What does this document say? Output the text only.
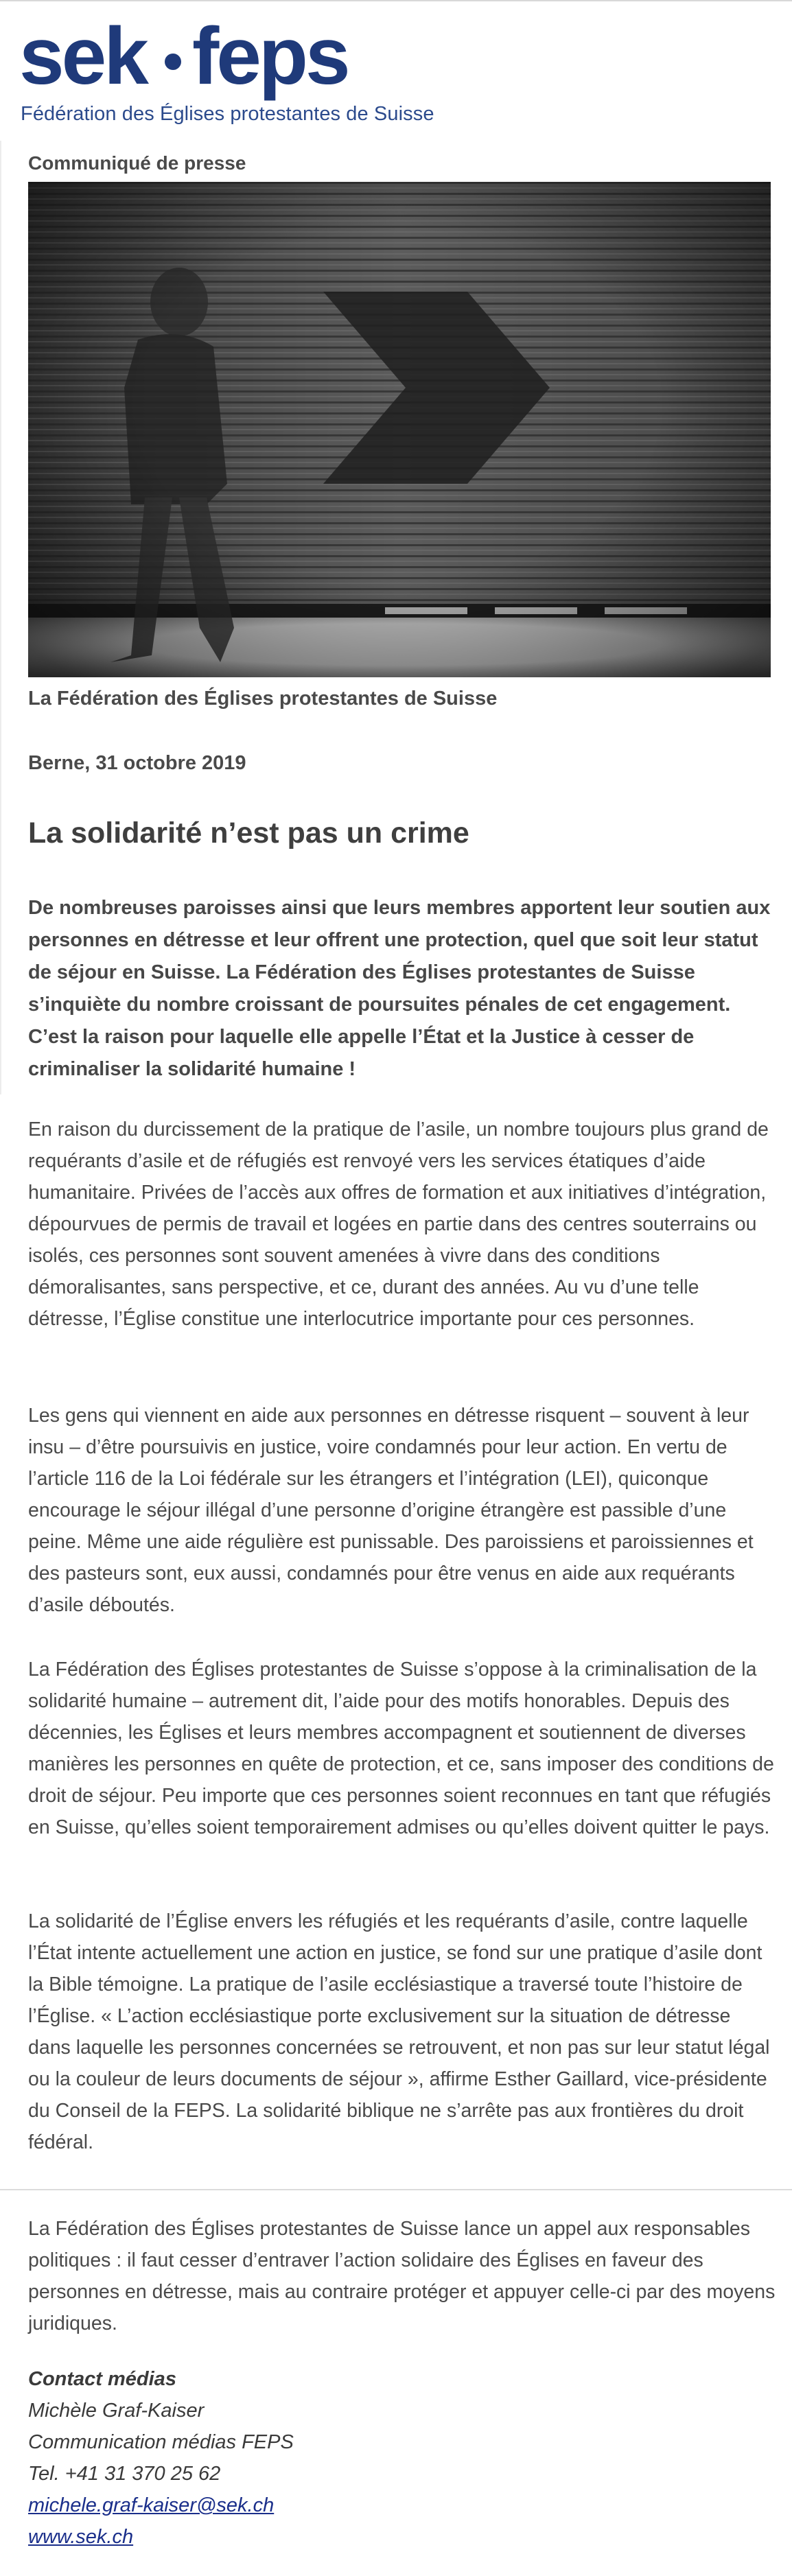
sek feps
Fédération des Églises protestantes de Suisse
Communiqué de presse
La Fédération des Églises protestantes de Suisse
Berne, 31 octobre 2019
La solidarité n’est pas un crime
De nombreuses paroisses ainsi que leurs membres apportent leur soutien aux personnes en détresse et leur offrent une protection, quel que soit leur statut de séjour en Suisse. La Fédération des Églises protestantes de Suisse s’inquiète du nombre croissant de poursuites pénales de cet engagement. C’est la raison pour laquelle elle appelle l’État et la Justice à cesser de criminaliser la solidarité humaine !
En raison du durcissement de la pratique de l’asile, un nombre toujours plus grand de requérants d’asile et de réfugiés est renvoyé vers les services étatiques d’aide humanitaire. Privées de l’accès aux offres de formation et aux initiatives d’intégration, dépourvues de permis de travail et logées en partie dans des centres souterrains ou isolés, ces personnes sont souvent amenées à vivre dans des conditions démoralisantes, sans perspective, et ce, durant des années. Au vu d’une telle détresse, l’Église constitue une interlocutrice importante pour ces personnes.
Les gens qui viennent en aide aux personnes en détresse risquent – souvent à leur insu – d’être poursuivis en justice, voire condamnés pour leur action. En vertu de l’article 116 de la Loi fédérale sur les étrangers et l’intégration (LEI), quiconque encourage le séjour illégal d’une personne d’origine étrangère est passible d’une peine. Même une aide régulière est punissable. Des paroissiens et paroissiennes et des pasteurs sont, eux aussi, condamnés pour être venus en aide aux requérants d’asile déboutés.
La Fédération des Églises protestantes de Suisse s’oppose à la criminalisation de la solidarité humaine – autrement dit, l’aide pour des motifs honorables. Depuis des décennies, les Églises et leurs membres accompagnent et soutiennent de diverses manières les personnes en quête de protection, et ce, sans imposer des conditions de droit de séjour. Peu importe que ces personnes soient reconnues en tant que réfugiés en Suisse, qu’elles soient temporairement admises ou qu’elles doivent quitter le pays.
La solidarité de l’Église envers les réfugiés et les requérants d’asile, contre laquelle l’État intente actuellement une action en justice, se fond sur une pratique d’asile dont la Bible témoigne. La pratique de l’asile ecclésiastique a traversé toute l’histoire de l’Église. « L’action ecclésiastique porte exclusivement sur la situation de détresse dans laquelle les personnes concernées se retrouvent, et non pas sur leur statut légal ou la couleur de leurs documents de séjour », affirme Esther Gaillard, vice-présidente du Conseil de la FEPS. La solidarité biblique ne s’arrête pas aux frontières du droit fédéral.
La Fédération des Églises protestantes de Suisse lance un appel aux responsables politiques : il faut cesser d’entraver l’action solidaire des Églises en faveur des personnes en détresse, mais au contraire protéger et appuyer celle-ci par des moyens juridiques.
Contact médias
Michèle Graf-Kaiser
Communication médias FEPS
Tel. +41 31 370 25 62
michele.graf-kaiser@sek.ch
www.sek.ch
